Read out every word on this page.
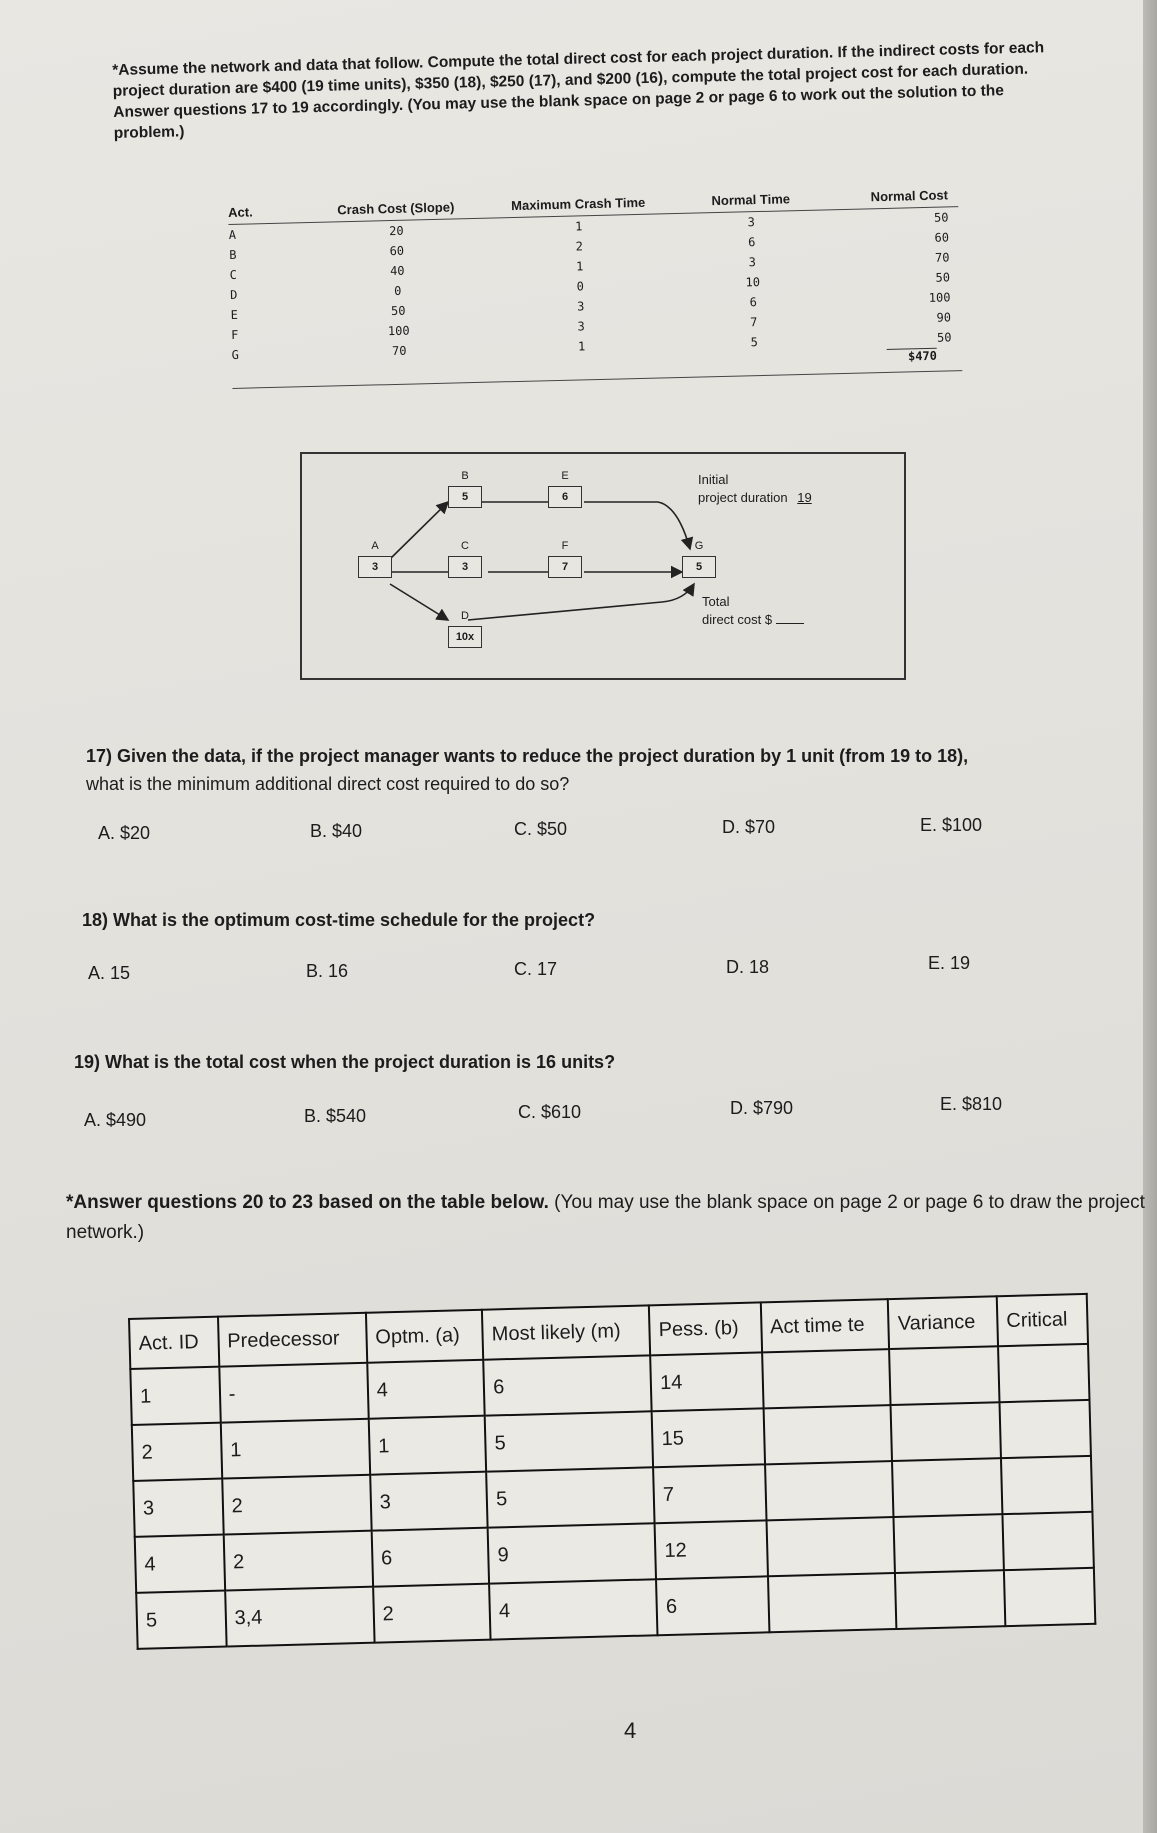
*Assume the network and data that follow. Compute the total direct cost for each project duration. If the indirect costs for each project duration are $400 (19 time units), $350 (18), $250 (17), and $200 (16), compute the total project cost for each duration. Answer questions 17 to 19 accordingly. (You may use the blank space on page 2 or page 6 to work out the solution to the problem.)
Act.	Crash Cost (Slope)	Maximum Crash Time	Normal Time	Normal Cost
A	20	1	3	50
B	60	2	6	60
C	40	1	3	70
D	0	0	10	50
E	50	3	6	100
F	100	3	7	90
G	70	1	5	50
$470
A
3
B
5
C
3
D
10x
E
6
F
7
G
5
Initial
project duration 19
Total
direct cost $
17) Given the data, if the project manager wants to reduce the project duration by 1 unit (from 19 to 18),
what is the minimum additional direct cost required to do so?
A. $20	B. $40	C. $50	D. $70	E. $100
18) What is the optimum cost-time schedule for the project?
A. 15	B. 16	C. 17	D. 18	E. 19
19) What is the total cost when the project duration is 16 units?
A. $490	B. $540	C. $610	D. $790	E. $810
*Answer questions 20 to 23 based on the table below. (You may use the blank space on page 2 or page 6 to draw the project network.)
Act. ID	Predecessor	Optm. (a)	Most likely (m)	Pess. (b)	Act time te	Variance	Critical
1	-	4	6	14			
2	1	1	5	15			
3	2	3	5	7			
4	2	6	9	12			
5	3,4	2	4	6			
4
